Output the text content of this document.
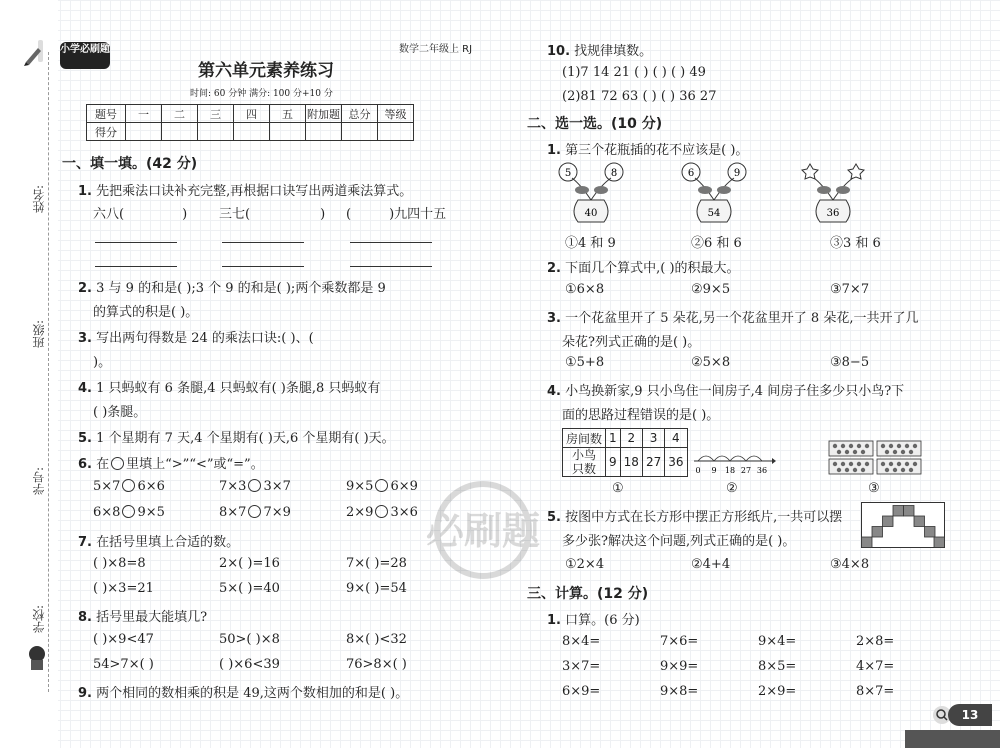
姓名:
班级:
学号:
学校:
小学必刷题	数学二年级上 RJ
第六单元素养练习
时间: 60 分钟 满分: 100 分+10 分
题号	一	二	三	四	五	附加题	总分	等级
得分								
一、填一填。(42 分)
1. 先把乘法口诀补充完整,再根据口诀写出两道乘法算式。
六八(	) 三七(	) (	)九四十五
2. 3 与 9 的和是( );3 个 9 的和是( );两个乘数都是 9
的算式的积是( )。
3. 写出两句得数是 24 的乘法口诀:( )、(
)。
4. 1 只蚂蚁有 6 条腿,4 只蚂蚁有( )条腿,8 只蚂蚁有
( )条腿。
5. 1 个星期有 7 天,4 个星期有( )天,6 个星期有( )天。
6. 在 里填上“>”“<”或“=”。
5×7 6×6	7×3 3×7	9×5 6×9
6×8 9×5	8×7 7×9	2×9 3×6
7. 在括号里填上合适的数。
( )×8=8	2×( )=16	7×( )=28
( )×3=21	5×( )=40	9×( )=54
8. 括号里最大能填几?
( )×9<47	50>( )×8	8×( )<32
54>7×( )	( )×6<39	76>8×( )
9. 两个相同的数相乘的积是 49,这两个数相加的和是( )。
必刷题
10. 找规律填数。
(1)7 14 21 ( ) ( ) ( ) 49
(2)81 72 63 ( ) ( ) 36 27
二、选一选。(10 分)
1. 第三个花瓶插的花不应该是( )。
5	8
40
6	9
54	36
①4 和 9	②6 和 6	③3 和 6
2. 下面几个算式中,( )的积最大。
①6×8	②9×5	③7×7
3. 一个花盆里开了 5 朵花,另一个花盆里开了 8 朵花,一共开了几
朵花?列式正确的是( )。
①5+8	②5×8	③8−5
4. 小鸟换新家,9 只小鸟住一间房子,4 间房子住多少只小鸟?下
面的思路过程错误的是( )。
房间数	1	2	3	4
小鸟
只数	9	18	27	36
0 9 18 27 36
①	②	③
5. 按图中方式在长方形中摆正方形纸片,一共可以摆
多少张?解决这个问题,列式正确的是( )。
①2×4	②4+4	③4×8
三、计算。(12 分)
1. 口算。(6 分)
8×4=	7×6=	9×4=	2×8=
3×7=	9×9=	8×5=	4×7=
6×9=	9×8=	2×9=	8×7=
13
